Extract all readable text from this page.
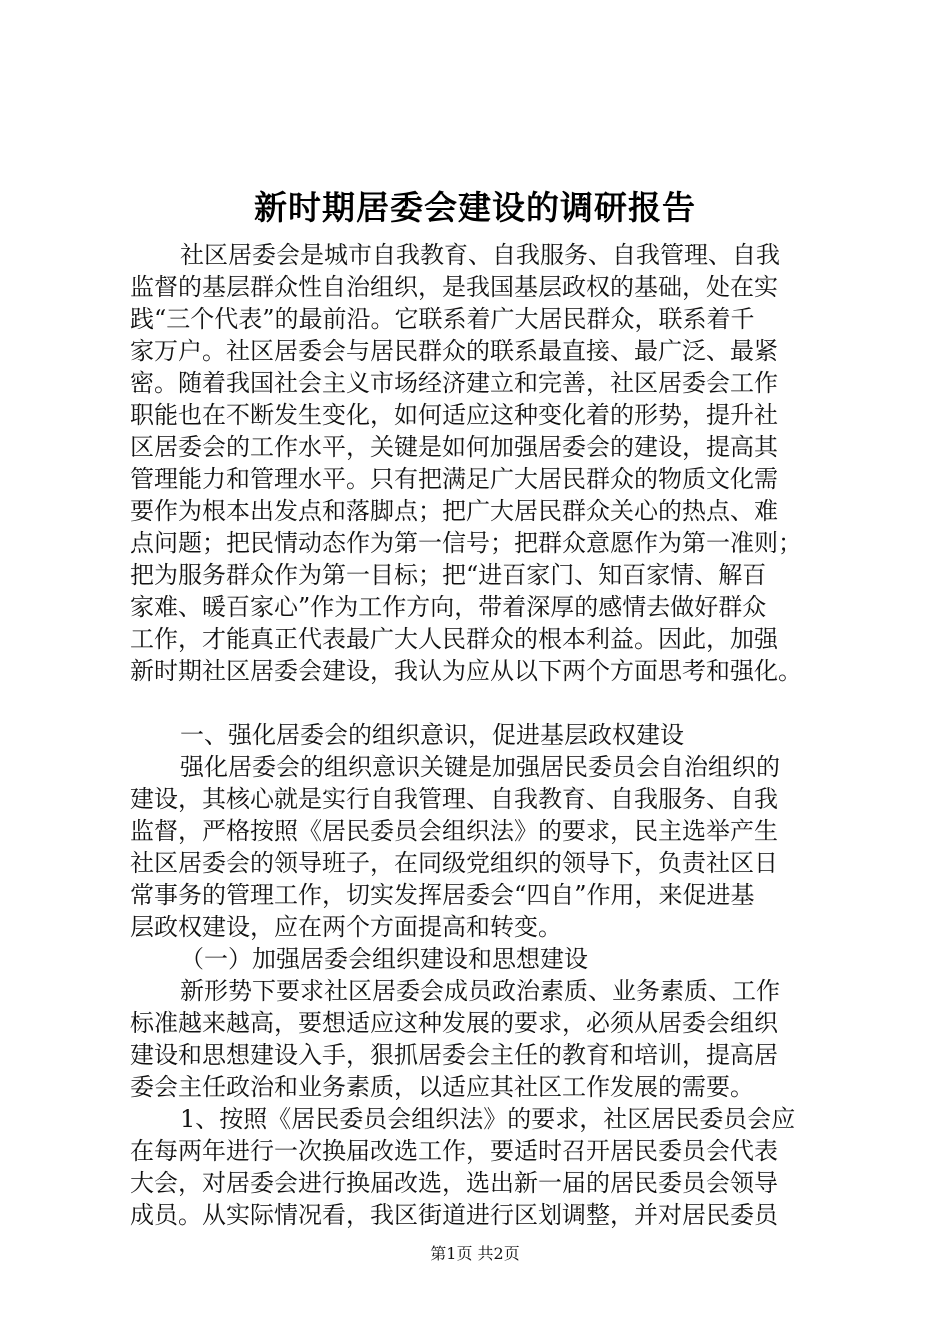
新时期居委会建设的调研报告
社区居委会是城市自我教育、自我服务、自我管理、自我
监督的基层群众性自治组织，是我国基层政权的基础，处在实
践“三个代表”的最前沿。它联系着广大居民群众，联系着千
家万户。社区居委会与居民群众的联系最直接、最广泛、最紧
密。随着我国社会主义市场经济建立和完善，社区居委会工作
职能也在不断发生变化，如何适应这种变化着的形势，提升社
区居委会的工作水平，关键是如何加强居委会的建设，提高其
管理能力和管理水平。只有把满足广大居民群众的物质文化需
要作为根本出发点和落脚点；把广大居民群众关心的热点、难
点问题；把民情动态作为第一信号；把群众意愿作为第一准则；
把为服务群众作为第一目标；把“进百家门、知百家情、解百
家难、暖百家心”作为工作方向，带着深厚的感情去做好群众
工作，才能真正代表最广大人民群众的根本利益。因此，加强
新时期社区居委会建设，我认为应从以下两个方面思考和强化。
一、强化居委会的组织意识，促进基层政权建设
强化居委会的组织意识关键是加强居民委员会自治组织的
建设，其核心就是实行自我管理、自我教育、自我服务、自我
监督，严格按照《居民委员会组织法》的要求，民主选举产生
社区居委会的领导班子，在同级党组织的领导下，负责社区日
常事务的管理工作，切实发挥居委会“四自”作用，来促进基
层政权建设，应在两个方面提高和转变。
（一）加强居委会组织建设和思想建设
新形势下要求社区居委会成员政治素质、业务素质、工作
标准越来越高，要想适应这种发展的要求，必须从居委会组织
建设和思想建设入手，狠抓居委会主任的教育和培训，提高居
委会主任政治和业务素质，以适应其社区工作发展的需要。
1、按照《居民委员会组织法》的要求，社区居民委员会应
在每两年进行一次换届改选工作，要适时召开居民委员会代表
大会，对居委会进行换届改选，选出新一届的居民委员会领导
成员。从实际情况看，我区街道进行区划调整，并对居民委员
第1页 共2页
